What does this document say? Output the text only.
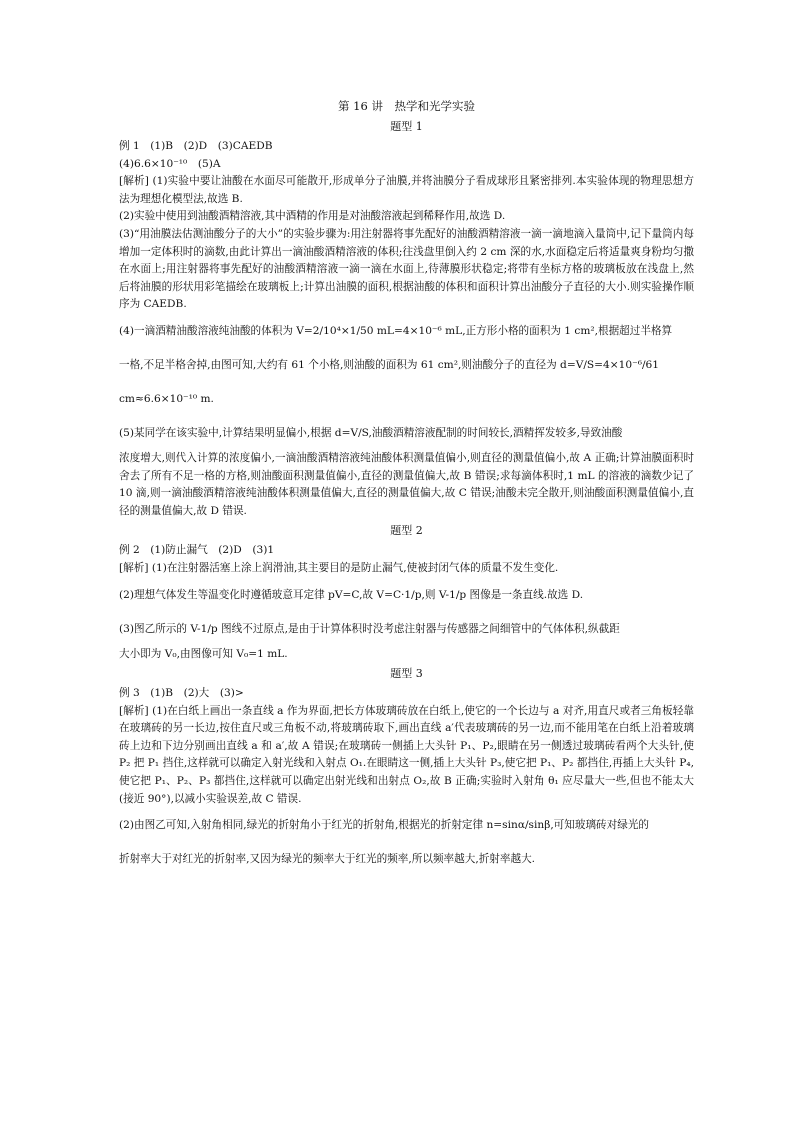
第 16 讲　热学和光学实验
题型 1
例 1　(1)B　(2)D　(3)CAEDB
(4)6.6×10⁻¹⁰　(5)A
[解析] (1)实验中要让油酸在水面尽可能散开,形成单分子油膜,并将油膜分子看成球形且紧密排列.本实验体现的物理思想方法为理想化模型法,故选 B.
(2)实验中使用到油酸酒精溶液,其中酒精的作用是对油酸溶液起到稀释作用,故选 D.
(3)“用油膜法估测油酸分子的大小”的实验步骤为:用注射器将事先配好的油酸酒精溶液一滴一滴地滴入量筒中,记下量筒内每增加一定体积时的滴数,由此计算出一滴油酸酒精溶液的体积;往浅盘里倒入约 2 cm 深的水,水面稳定后将适量爽身粉均匀撒在水面上;用注射器将事先配好的油酸酒精溶液一滴一滴在水面上,待薄膜形状稳定;将带有坐标方格的玻璃板放在浅盘上,然后将油膜的形状用彩笔描绘在玻璃板上;计算出油膜的面积,根据油酸的体积和面积计算出油酸分子直径的大小.则实验操作顺序为 CAEDB.
(4)一滴酒精油酸溶液纯油酸的体积为 V=2/10⁴×1/50 mL=4×10⁻⁶ mL,正方形小格的面积为 1 cm²,根据超过半格算
一格,不足半格舍掉,由图可知,大约有 61 个小格,则油酸的面积为 61 cm²,则油酸分子的直径为 d=V/S=4×10⁻⁶/61
cm≈6.6×10⁻¹⁰ m.
(5)某同学在该实验中,计算结果明显偏小,根据 d=V/S,油酸酒精溶液配制的时间较长,酒精挥发较多,导致油酸
浓度增大,则代入计算的浓度偏小,一滴油酸酒精溶液纯油酸体积测量值偏小,则直径的测量值偏小,故 A 正确;计算油膜面积时舍去了所有不足一格的方格,则油酸面积测量值偏小,直径的测量值偏大,故 B 错误;求每滴体积时,1 mL 的溶液的滴数少记了 10 滴,则一滴油酸酒精溶液纯油酸体积测量值偏大,直径的测量值偏大,故 C 错误;油酸未完全散开,则油酸面积测量值偏小,直径的测量值偏大,故 D 错误.
题型 2
例 2　(1)防止漏气　(2)D　(3)1
[解析] (1)在注射器活塞上涂上润滑油,其主要目的是防止漏气,使被封闭气体的质量不发生变化.
(2)理想气体发生等温变化时遵循玻意耳定律 pV=C,故 V=C·1/p,则 V-1/p 图像是一条直线.故选 D.
(3)图乙所示的 V-1/p 图线不过原点,是由于计算体积时没考虑注射器与传感器之间细管中的气体体积,纵截距
大小即为 V₀,由图像可知 V₀=1 mL.
题型 3
例 3　(1)B　(2)大　(3)>
[解析] (1)在白纸上画出一条直线 a 作为界面,把长方体玻璃砖放在白纸上,使它的一个长边与 a 对齐,用直尺或者三角板轻靠在玻璃砖的另一长边,按住直尺或三角板不动,将玻璃砖取下,画出直线 a′代表玻璃砖的另一边,而不能用笔在白纸上沿着玻璃砖上边和下边分别画出直线 a 和 a′,故 A 错误;在玻璃砖一侧插上大头针 P₁、P₂,眼睛在另一侧透过玻璃砖看两个大头针,使 P₂ 把 P₁ 挡住,这样就可以确定入射光线和入射点 O₁.在眼睛这一侧,插上大头针 P₃,使它把 P₁、P₂ 都挡住,再插上大头针 P₄,使它把 P₁、P₂、P₃ 都挡住,这样就可以确定出射光线和出射点 O₂,故 B 正确;实验时入射角 θ₁ 应尽量大一些,但也不能太大(接近 90°),以减小实验误差,故 C 错误.
(2)由图乙可知,入射角相同,绿光的折射角小于红光的折射角,根据光的折射定律 n=sinα/sinβ,可知玻璃砖对绿光的
折射率大于对红光的折射率,又因为绿光的频率大于红光的频率,所以频率越大,折射率越大.
